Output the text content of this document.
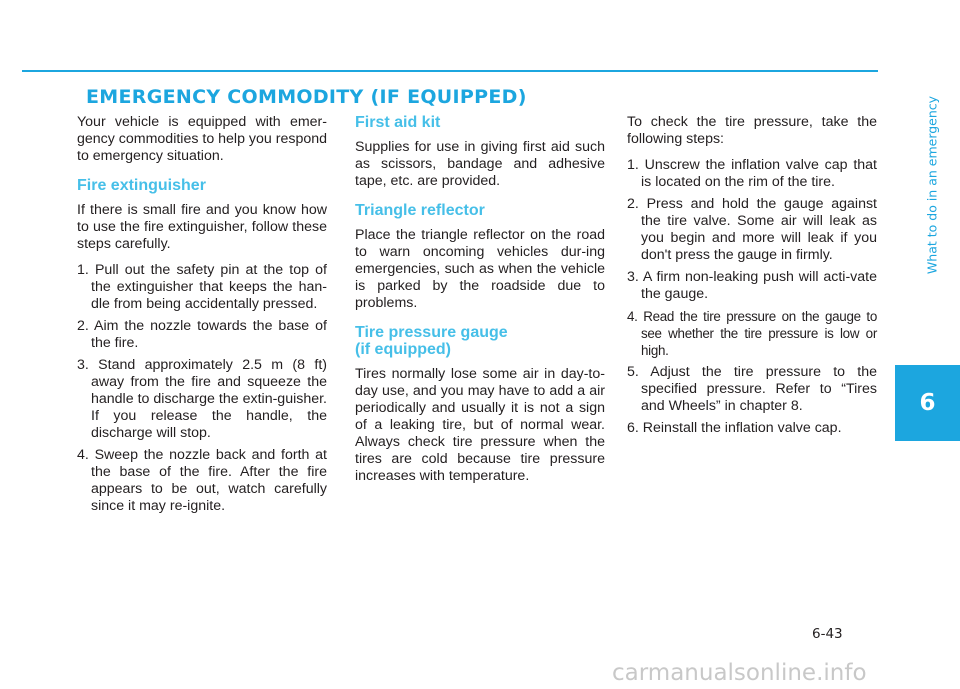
EMERGENCY COMMODITY (IF EQUIPPED)

Your vehicle is equipped with emer-gency commodities to help you respond to emergency situation.

Fire extinguisher

If there is small fire and you know how to use the fire extinguisher, follow these steps carefully.

1. Pull out the safety pin at the top of the extinguisher that keeps the han-dle from being accidentally pressed.
2. Aim the nozzle towards the base of the fire.
3. Stand approximately 2.5 m (8 ft) away from the fire and squeeze the handle to discharge the extin-guisher. If you release the handle, the discharge will stop.
4. Sweep the nozzle back and forth at the base of the fire. After the fire appears to be out, watch carefully since it may re-ignite.
First aid kit

Supplies for use in giving first aid such as scissors, bandage and adhesive tape, etc. are provided.

Triangle reflector

Place the triangle reflector on the road to warn oncoming vehicles dur-ing emergencies, such as when the vehicle is parked by the roadside due to problems.

Tire pressure gauge
(if equipped)

Tires normally lose some air in day-to-day use, and you may have to add a air periodically and usually it is not a sign of a leaking tire, but of normal wear. Always check tire pressure when the tires are cold because tire pressure increases with temperature.

To check the tire pressure, take the following steps:

1. Unscrew the inflation valve cap that is located on the rim of the tire.
2. Press and hold the gauge against the tire valve. Some air will leak as you begin and more will leak if you don't press the gauge in firmly.
3. A firm non-leaking push will acti-vate the gauge.
4. Read the tire pressure on the gauge to see whether the tire pressure is low or high.
5. Adjust the tire pressure to the specified pressure. Refer to “Tires and Wheels” in chapter 8.
6. Reinstall the inflation valve cap.
What to do in an emergency
6
6-43
carmanualsonline.info
